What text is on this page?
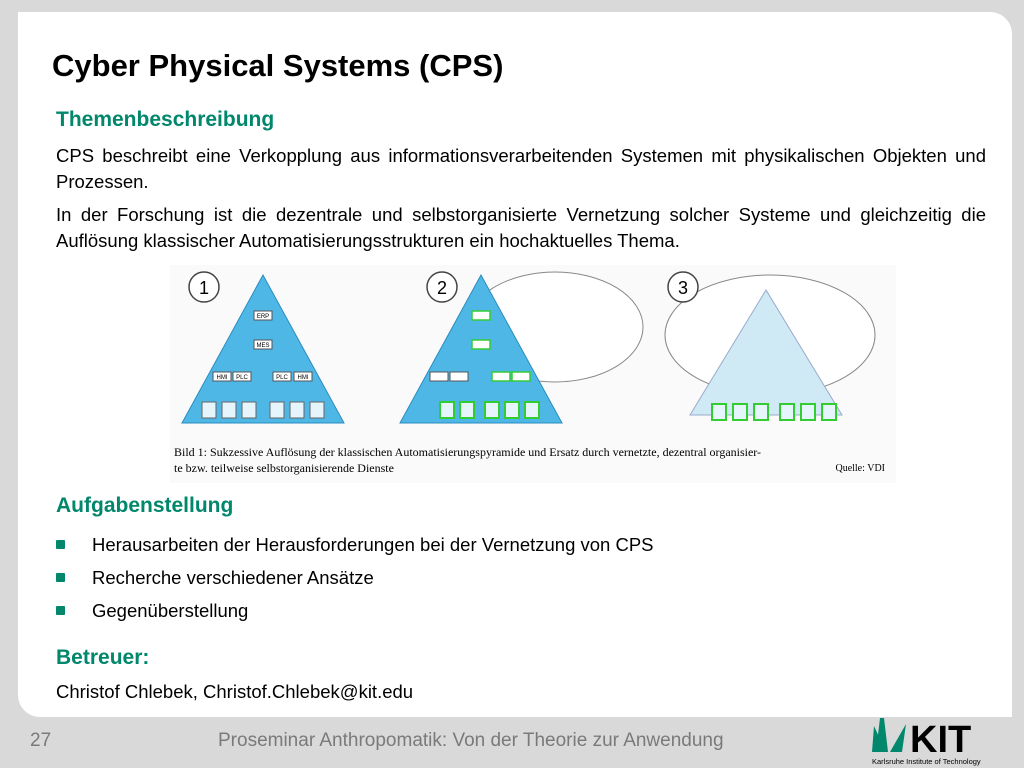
Cyber Physical Systems (CPS)
Themenbeschreibung

CPS beschreibt eine Verkopplung aus informationsverarbeitenden Systemen mit physikalischen Objekten und Prozessen.

In der Forschung ist die dezentrale und selbstorganisierte Vernetzung solcher Systeme und gleichzeitig die Auflösung klassischer Automatisierungsstrukturen ein hochaktuelles Thema.

1
ERP
MES
HMI PLC	PLC HMI
2	3
Bild 1: Sukzessive Auflösung der klassischen Automatisierungspyramide und Ersatz durch vernetzte, dezentral organisier-
te bzw. teilweise selbstorganisierende Dienste	Quelle: VDI
Aufgabenstellung
Herausarbeiten der Herausforderungen bei der Vernetzung von CPS
Recherche verschiedener Ansätze
Gegenüberstellung
Betreuer:
Christof Chlebek, Christof.Chlebek@kit.edu
27	Proseminar Anthropomatik: Von der Theorie zur Anwendung	KIT
Karlsruhe Institute of Technology
